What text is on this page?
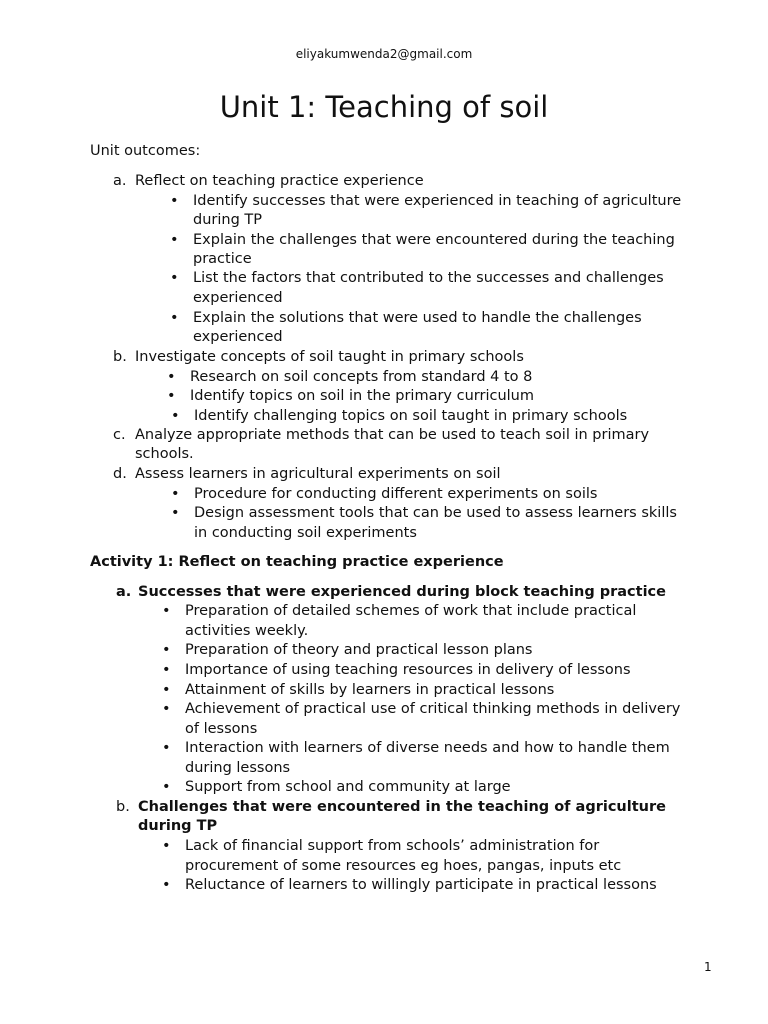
eliyakumwenda2@gmail.com
Unit 1: Teaching of soil
Unit outcomes:
a. Reflect on teaching practice experience
• Identify successes that were experienced in teaching of agriculture
during TP
• Explain the challenges that were encountered during the teaching
practice
• List the factors that contributed to the successes and challenges
experienced
• Explain the solutions that were used to handle the challenges
experienced
b. Investigate concepts of soil taught in primary schools
• Research on soil concepts from standard 4 to 8
• Identify topics on soil in the primary curriculum
• Identify challenging topics on soil taught in primary schools
c. Analyze appropriate methods that can be used to teach soil in primary
schools.
d. Assess learners in agricultural experiments on soil
• Procedure for conducting different experiments on soils
• Design assessment tools that can be used to assess learners skills
in conducting soil experiments
Activity 1: Reflect on teaching practice experience
a. Successes that were experienced during block teaching practice
• Preparation of detailed schemes of work that include practical
activities weekly.
• Preparation of theory and practical lesson plans
• Importance of using teaching resources in delivery of lessons
• Attainment of skills by learners in practical lessons
• Achievement of practical use of critical thinking methods in delivery
of lessons
• Interaction with learners of diverse needs and how to handle them
during lessons
• Support from school and community at large
b. Challenges that were encountered in the teaching of agriculture
during TP
• Lack of financial support from schools’ administration for
procurement of some resources eg hoes, pangas, inputs etc
• Reluctance of learners to willingly participate in practical lessons
1
